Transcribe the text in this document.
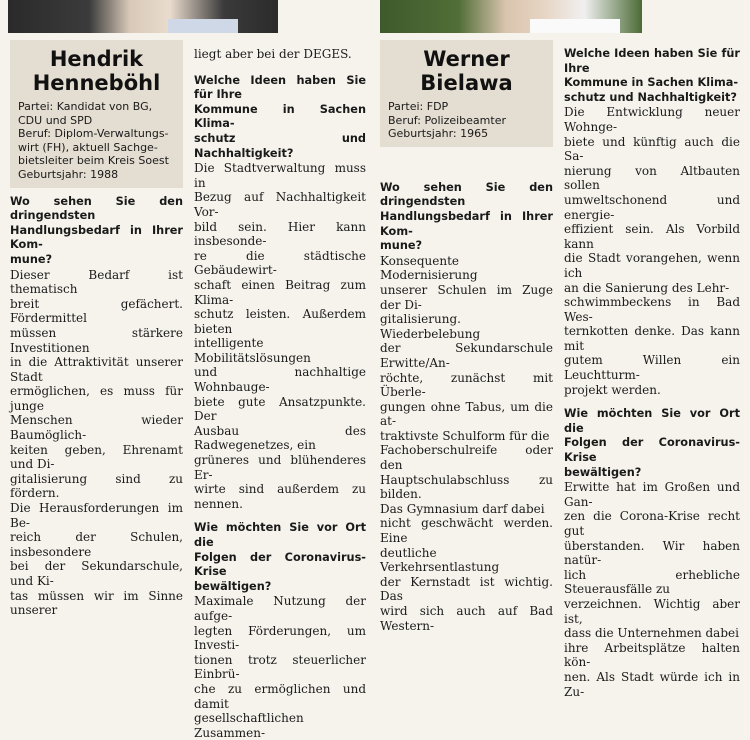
Hendrik
Henneböhl

Partei: Kandidat von BG,
CDU und SPD
Beruf: Diplom-Verwaltungs-
wirt (FH), aktuell Sachge-
bietsleiter beim Kreis Soest
Geburtsjahr: 1988

Wo sehen Sie den dringendsten
Handlungsbedarf in Ihrer Kom-
mune?

Dieser Bedarf ist thematisch
breit gefächert. Fördermittel
müssen stärkere Investitionen
in die Attraktivität unserer Stadt
ermöglichen, es muss für junge
Menschen wieder Baumöglich-
keiten geben, Ehrenamt und Di-
gitalisierung sind zu fördern.
Die Herausforderungen im Be-
reich der Schulen, insbesondere
bei der Sekundarschule, und Ki-
tas müssen wir im Sinne unserer

liegt aber bei der DEGES.

Welche Ideen haben Sie für Ihre
Kommune in Sachen Klima-
schutz und Nachhaltigkeit?

Die Stadtverwaltung muss in
Bezug auf Nachhaltigkeit Vor-
bild sein. Hier kann insbesonde-
re die städtische Gebäudewirt-
schaft einen Beitrag zum Klima-
schutz leisten. Außerdem bieten
intelligente Mobilitätslösungen
und nachhaltige Wohnbauge-
biete gute Ansatzpunkte. Der
Ausbau des Radwegenetzes, ein
grüneres und blühenderes Er-
wirte sind außerdem zu nennen.

Wie möchten Sie vor Ort die
Folgen der Coronavirus-Krise
bewältigen?

Maximale Nutzung der aufge-
legten Förderungen, um Investi-
tionen trotz steuerlicher Einbrü-
che zu ermöglichen und damit
gesellschaftlichen Zusammen-

Werner
Bielawa

Partei: FDP
Beruf: Polizeibeamter
Geburtsjahr: 1965

Wo sehen Sie den dringendsten
Handlungsbedarf in Ihrer Kom-
mune?

Konsequente Modernisierung
unserer Schulen im Zuge der Di-
gitalisierung. Wiederbelebung
der Sekundarschule Erwitte/An-
röchte, zunächst mit Überle-
gungen ohne Tabus, um die at-
traktivste Schulform für die
Fachoberschulreife oder den
Hauptschulabschluss zu bilden.
Das Gymnasium darf dabei
nicht geschwächt werden. Eine
deutliche Verkehrsentlastung
der Kernstadt ist wichtig. Das
wird sich auch auf Bad Western-

Welche Ideen haben Sie für Ihre
Kommune in Sachen Klima-
schutz und Nachhaltigkeit?

Die Entwicklung neuer Wohnge-
biete und künftig auch die Sa-
nierung von Altbauten sollen
umweltschonend und energie-
effizient sein. Als Vorbild kann
die Stadt vorangehen, wenn ich
an die Sanierung des Lehr-
schwimmbeckens in Bad Wes-
ternkotten denke. Das kann mit
gutem Willen ein Leuchtturm-
projekt werden.

Wie möchten Sie vor Ort die
Folgen der Coronavirus-Krise
bewältigen?

Erwitte hat im Großen und Gan-
zen die Corona-Krise recht gut
überstanden. Wir haben natür-
lich erhebliche Steuerausfälle zu
verzeichnen. Wichtig aber ist,
dass die Unternehmen dabei
ihre Arbeitsplätze halten kön-
nen. Als Stadt würde ich in Zu-
